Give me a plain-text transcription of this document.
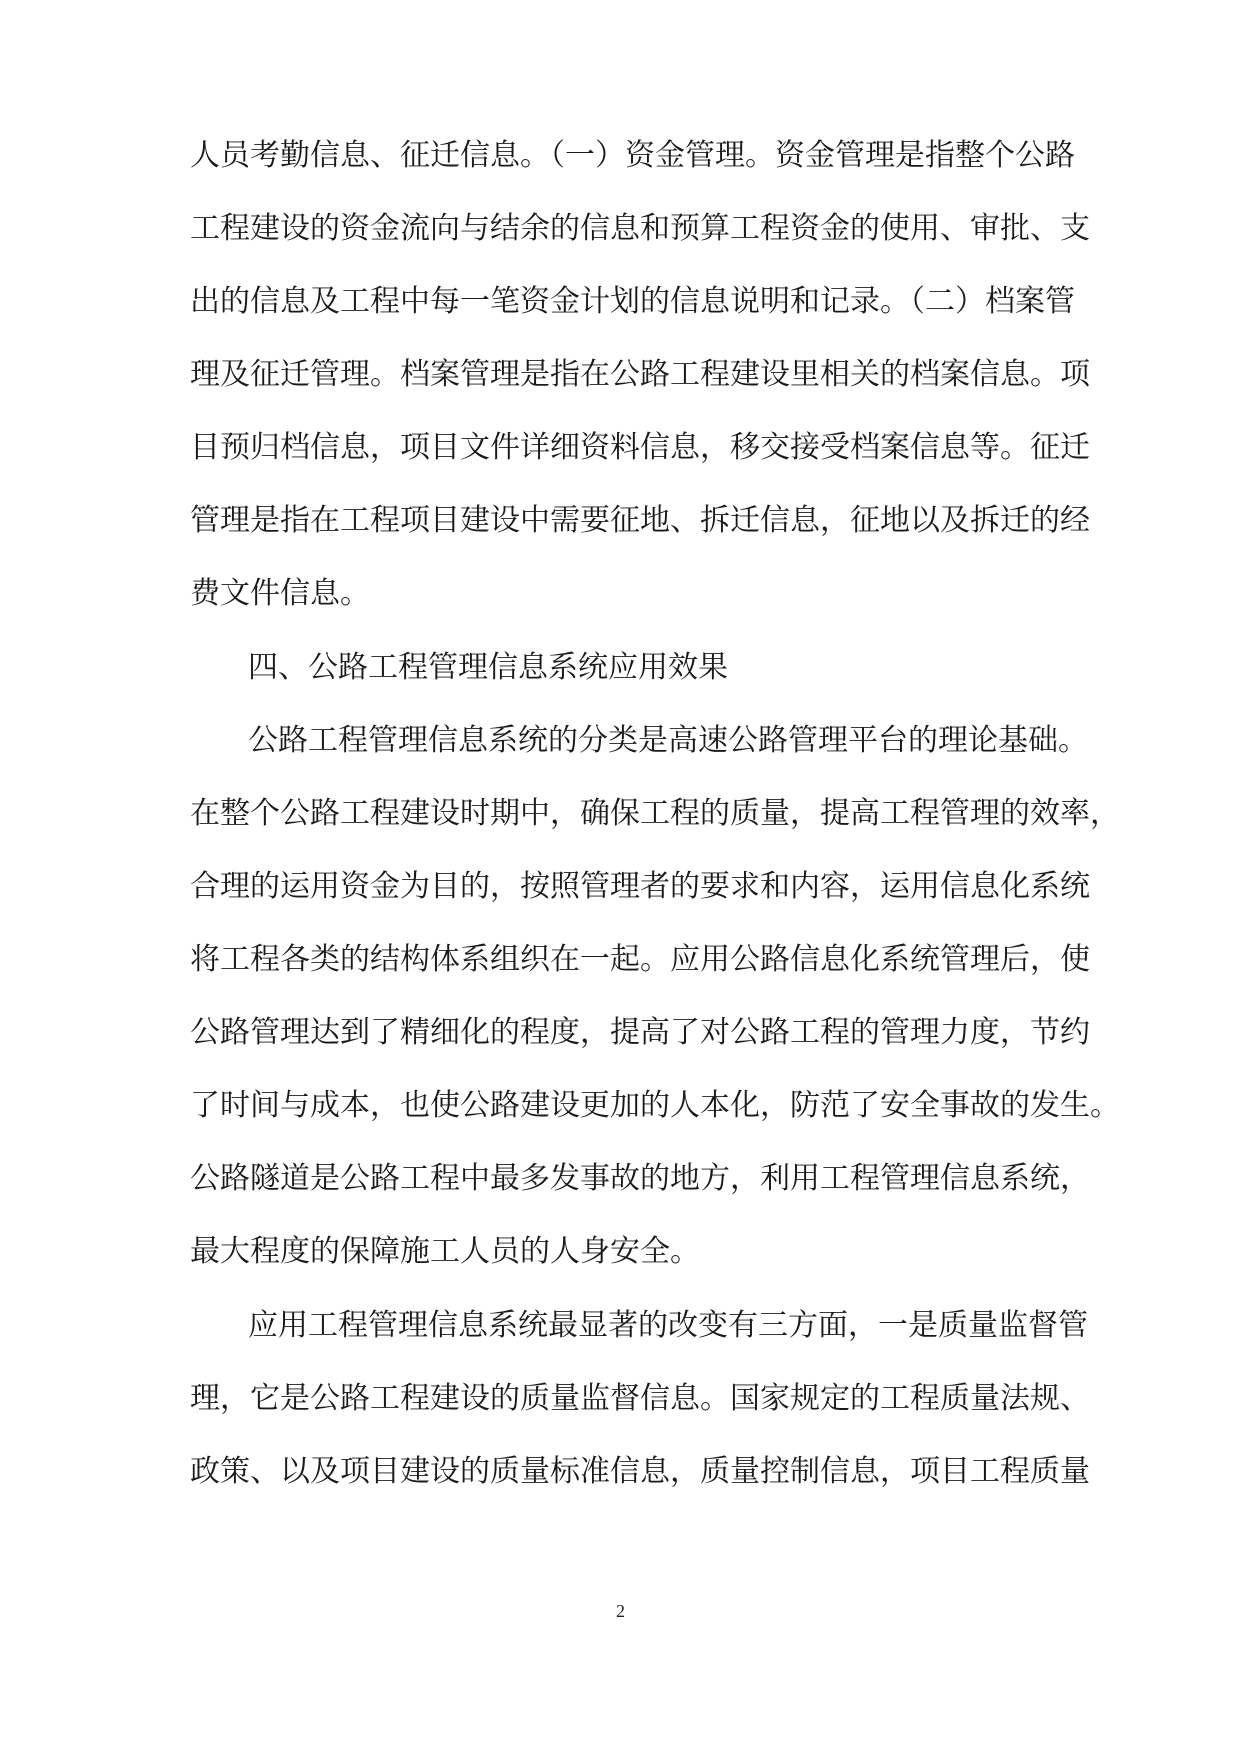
人员考勤信息、征迁信息。（一）资金管理。资金管理是指整个公路
工程建设的资金流向与结余的信息和预算工程资金的使用、审批、支
出的信息及工程中每一笔资金计划的信息说明和记录。（二）档案管
理及征迁管理。档案管理是指在公路工程建设里相关的档案信息。项
目预归档信息，项目文件详细资料信息，移交接受档案信息等。征迁
管理是指在工程项目建设中需要征地、拆迁信息，征地以及拆迁的经
费文件信息。
四、公路工程管理信息系统应用效果
公路工程管理信息系统的分类是高速公路管理平台的理论基础。
在整个公路工程建设时期中，确保工程的质量，提高工程管理的效率，
合理的运用资金为目的，按照管理者的要求和内容，运用信息化系统
将工程各类的结构体系组织在一起。应用公路信息化系统管理后，使
公路管理达到了精细化的程度，提高了对公路工程的管理力度，节约
了时间与成本，也使公路建设更加的人本化，防范了安全事故的发生。
公路隧道是公路工程中最多发事故的地方，利用工程管理信息系统，
最大程度的保障施工人员的人身安全。
应用工程管理信息系统最显著的改变有三方面，一是质量监督管
理，它是公路工程建设的质量监督信息。国家规定的工程质量法规、
政策、以及项目建设的质量标准信息，质量控制信息，项目工程质量
2
